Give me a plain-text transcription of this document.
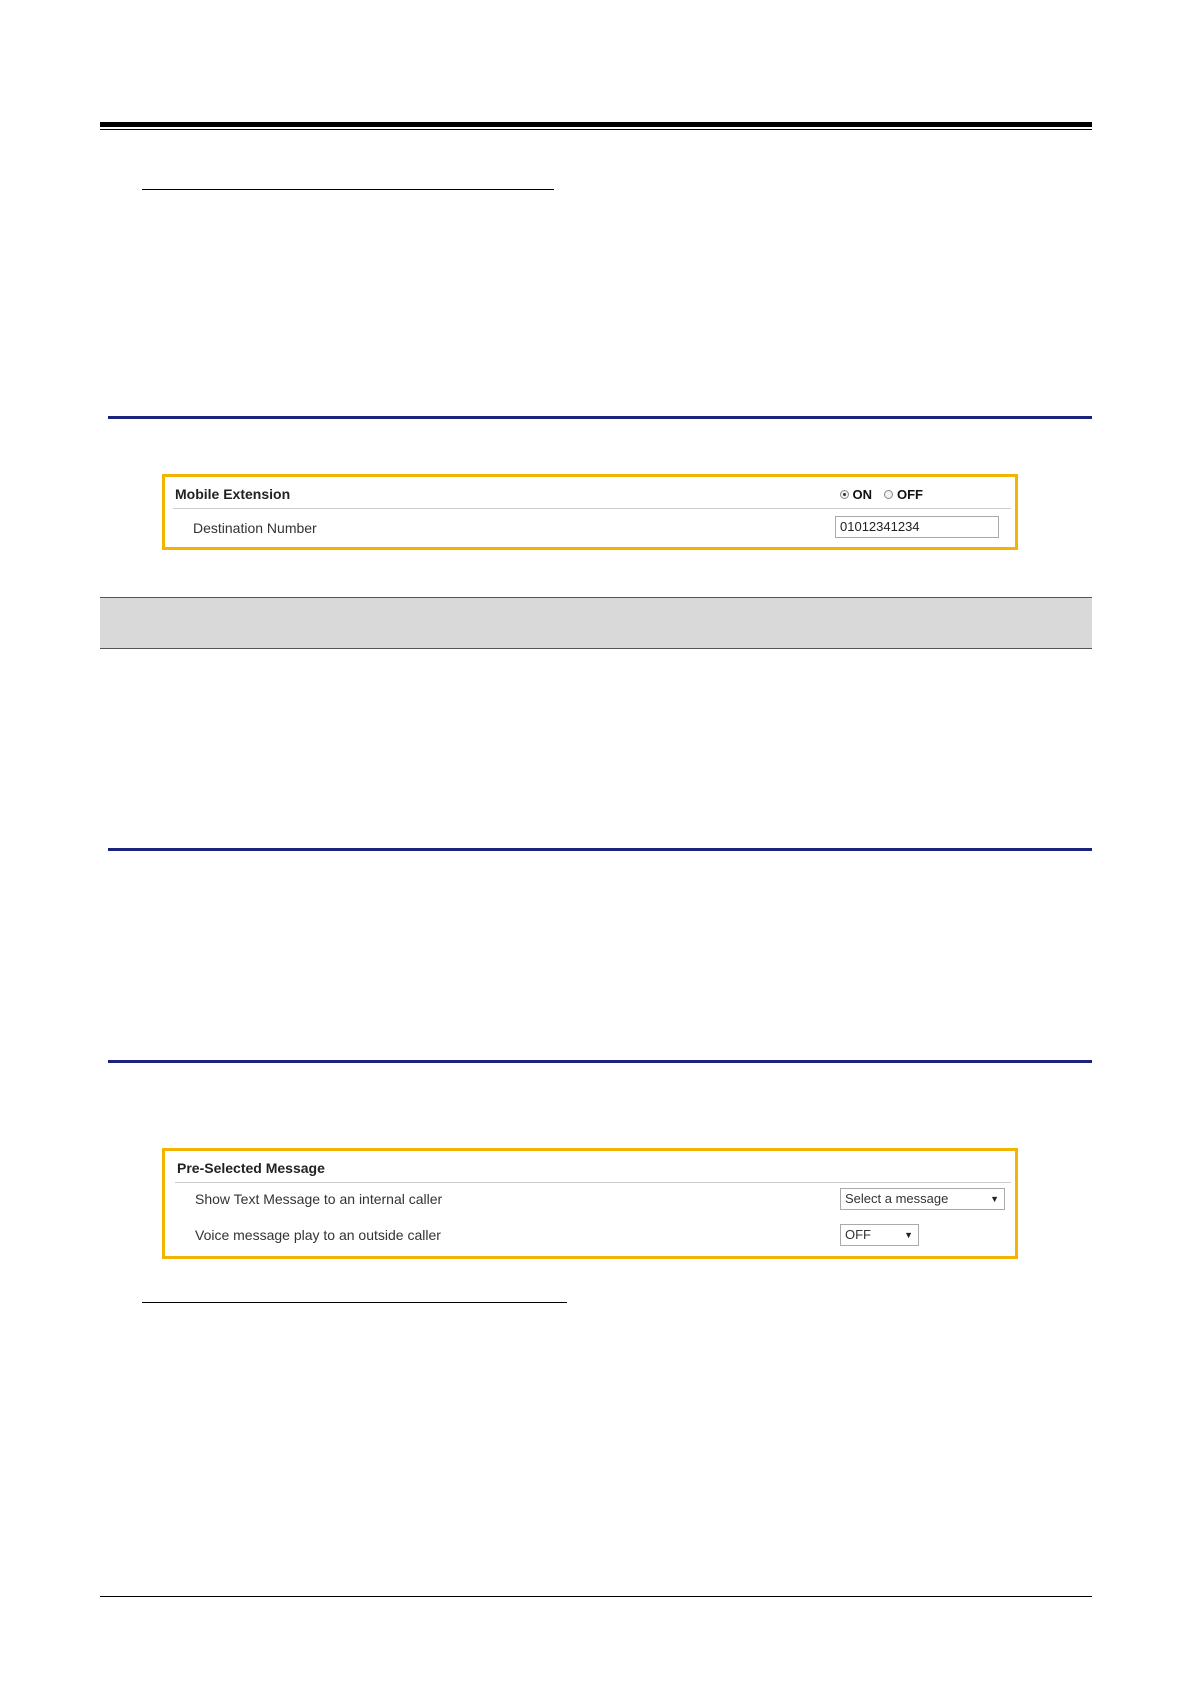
Mobile Extension	ON OFF
Destination Number	01012341234
Pre-Selected Message
Show Text Message to an internal caller	Select a message	▼
Voice message play to an outside caller	OFF	▼
